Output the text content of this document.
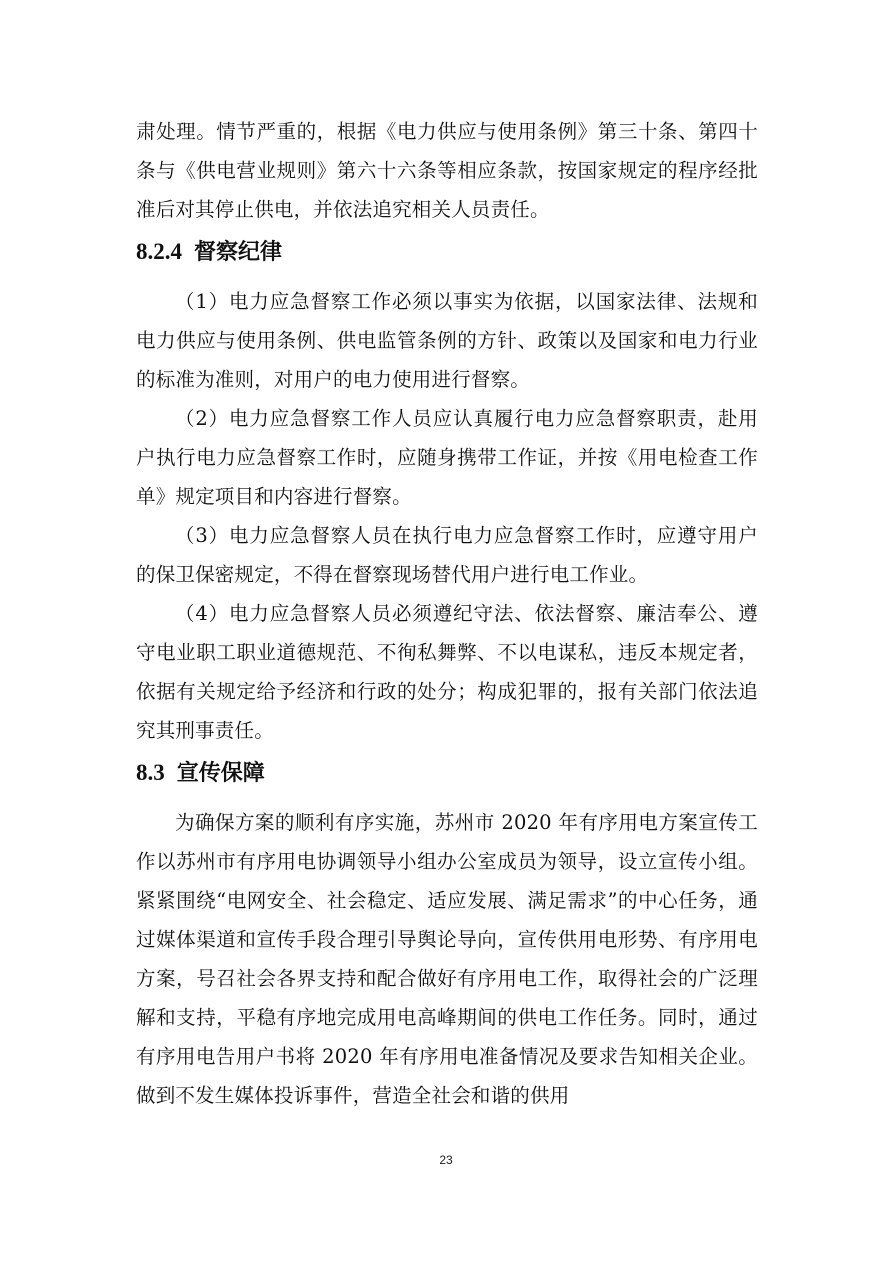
肃处理。情节严重的，根据《电力供应与使用条例》第三十条、第四十条与《供电营业规则》第六十六条等相应条款，按国家规定的程序经批准后对其停止供电，并依法追究相关人员责任。

8.2.4 督察纪律

（1）电力应急督察工作必须以事实为依据，以国家法律、法规和电力供应与使用条例、供电监管条例的方针、政策以及国家和电力行业的标准为准则，对用户的电力使用进行督察。

（2）电力应急督察工作人员应认真履行电力应急督察职责，赴用户执行电力应急督察工作时，应随身携带工作证，并按《用电检查工作单》规定项目和内容进行督察。

（3）电力应急督察人员在执行电力应急督察工作时，应遵守用户的保卫保密规定，不得在督察现场替代用户进行电工作业。

（4）电力应急督察人员必须遵纪守法、依法督察、廉洁奉公、遵守电业职工职业道德规范、不徇私舞弊、不以电谋私，违反本规定者，依据有关规定给予经济和行政的处分；构成犯罪的，报有关部门依法追究其刑事责任。

8.3 宣传保障

为确保方案的顺利有序实施，苏州市 2020 年有序用电方案宣传工作以苏州市有序用电协调领导小组办公室成员为领导，设立宣传小组。紧紧围绕“电网安全、社会稳定、适应发展、满足需求”的中心任务，通过媒体渠道和宣传手段合理引导舆论导向，宣传供用电形势、有序用电方案，号召社会各界支持和配合做好有序用电工作，取得社会的广泛理解和支持，平稳有序地完成用电高峰期间的供电工作任务。同时，通过有序用电告用户书将 2020 年有序用电准备情况及要求告知相关企业。做到不发生媒体投诉事件，营造全社会和谐的供用

23
